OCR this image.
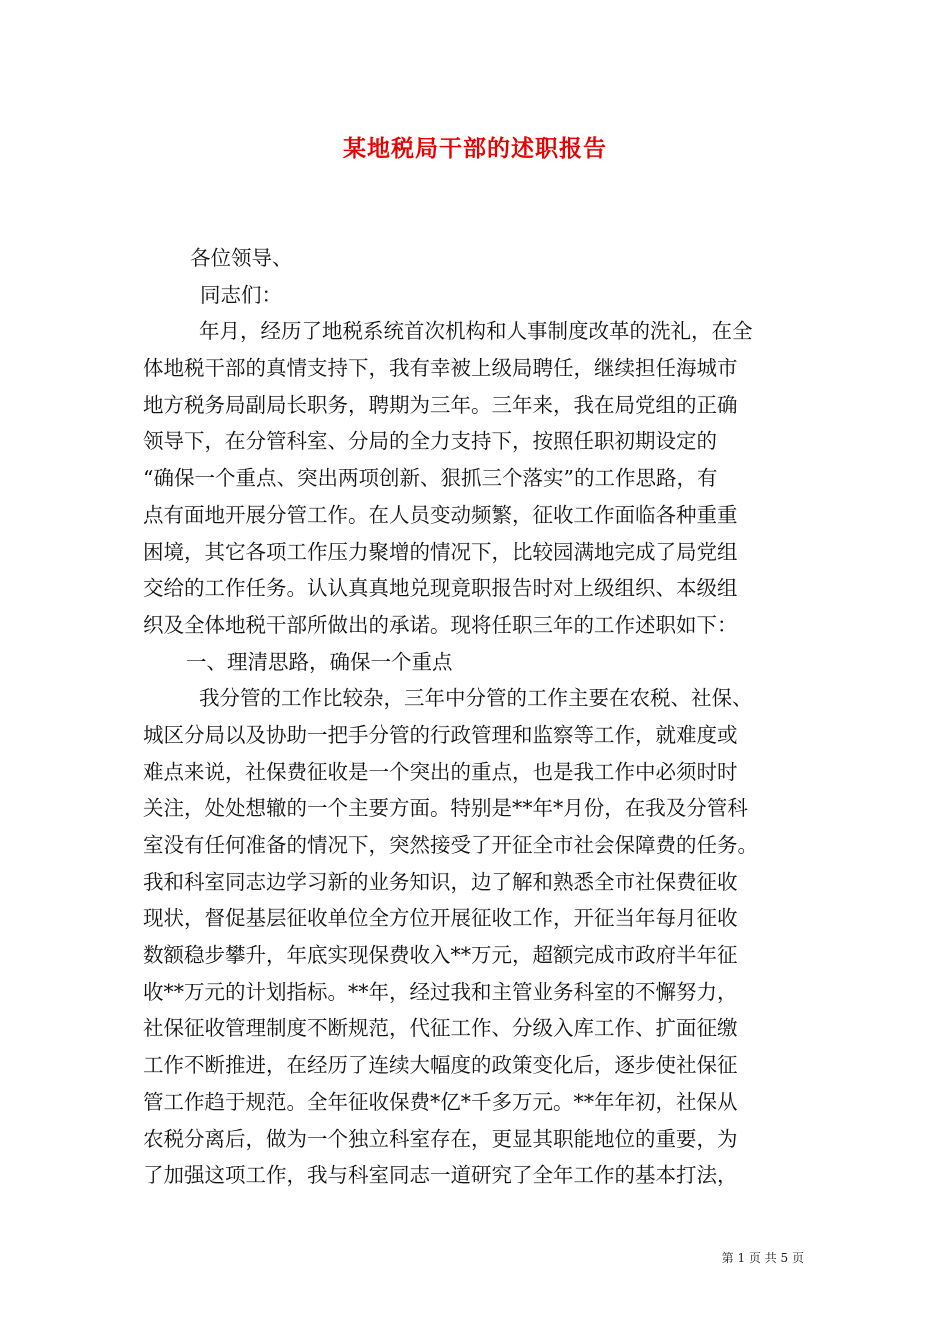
某地税局干部的述职报告
各位领导、
同志们：
年月，经历了地税系统首次机构和人事制度改革的洗礼，在全
体地税干部的真情支持下，我有幸被上级局聘任，继续担任海城市
地方税务局副局长职务，聘期为三年。三年来，我在局党组的正确
领导下，在分管科室、分局的全力支持下，按照任职初期设定的
“确保一个重点、突出两项创新、狠抓三个落实”的工作思路，有
点有面地开展分管工作。在人员变动频繁，征收工作面临各种重重
困境，其它各项工作压力聚增的情况下，比较园满地完成了局党组
交给的工作任务。认认真真地兑现竟职报告时对上级组织、本级组
织及全体地税干部所做出的承诺。现将任职三年的工作述职如下：
一、理清思路，确保一个重点
我分管的工作比较杂，三年中分管的工作主要在农税、社保、
城区分局以及协助一把手分管的行政管理和监察等工作，就难度或
难点来说，社保费征收是一个突出的重点，也是我工作中必须时时
关注，处处想辙的一个主要方面。特别是**年*月份，在我及分管科
室没有任何准备的情况下，突然接受了开征全市社会保障费的任务。
我和科室同志边学习新的业务知识，边了解和熟悉全市社保费征收
现状，督促基层征收单位全方位开展征收工作，开征当年每月征收
数额稳步攀升，年底实现保费收入**万元，超额完成市政府半年征
收**万元的计划指标。**年，经过我和主管业务科室的不懈努力，
社保征收管理制度不断规范，代征工作、分级入库工作、扩面征缴
工作不断推进，在经历了连续大幅度的政策变化后，逐步使社保征
管工作趋于规范。全年征收保费*亿*千多万元。**年年初，社保从
农税分离后，做为一个独立科室存在，更显其职能地位的重要，为
了加强这项工作，我与科室同志一道研究了全年工作的基本打法，
第 1 页 共 5 页
